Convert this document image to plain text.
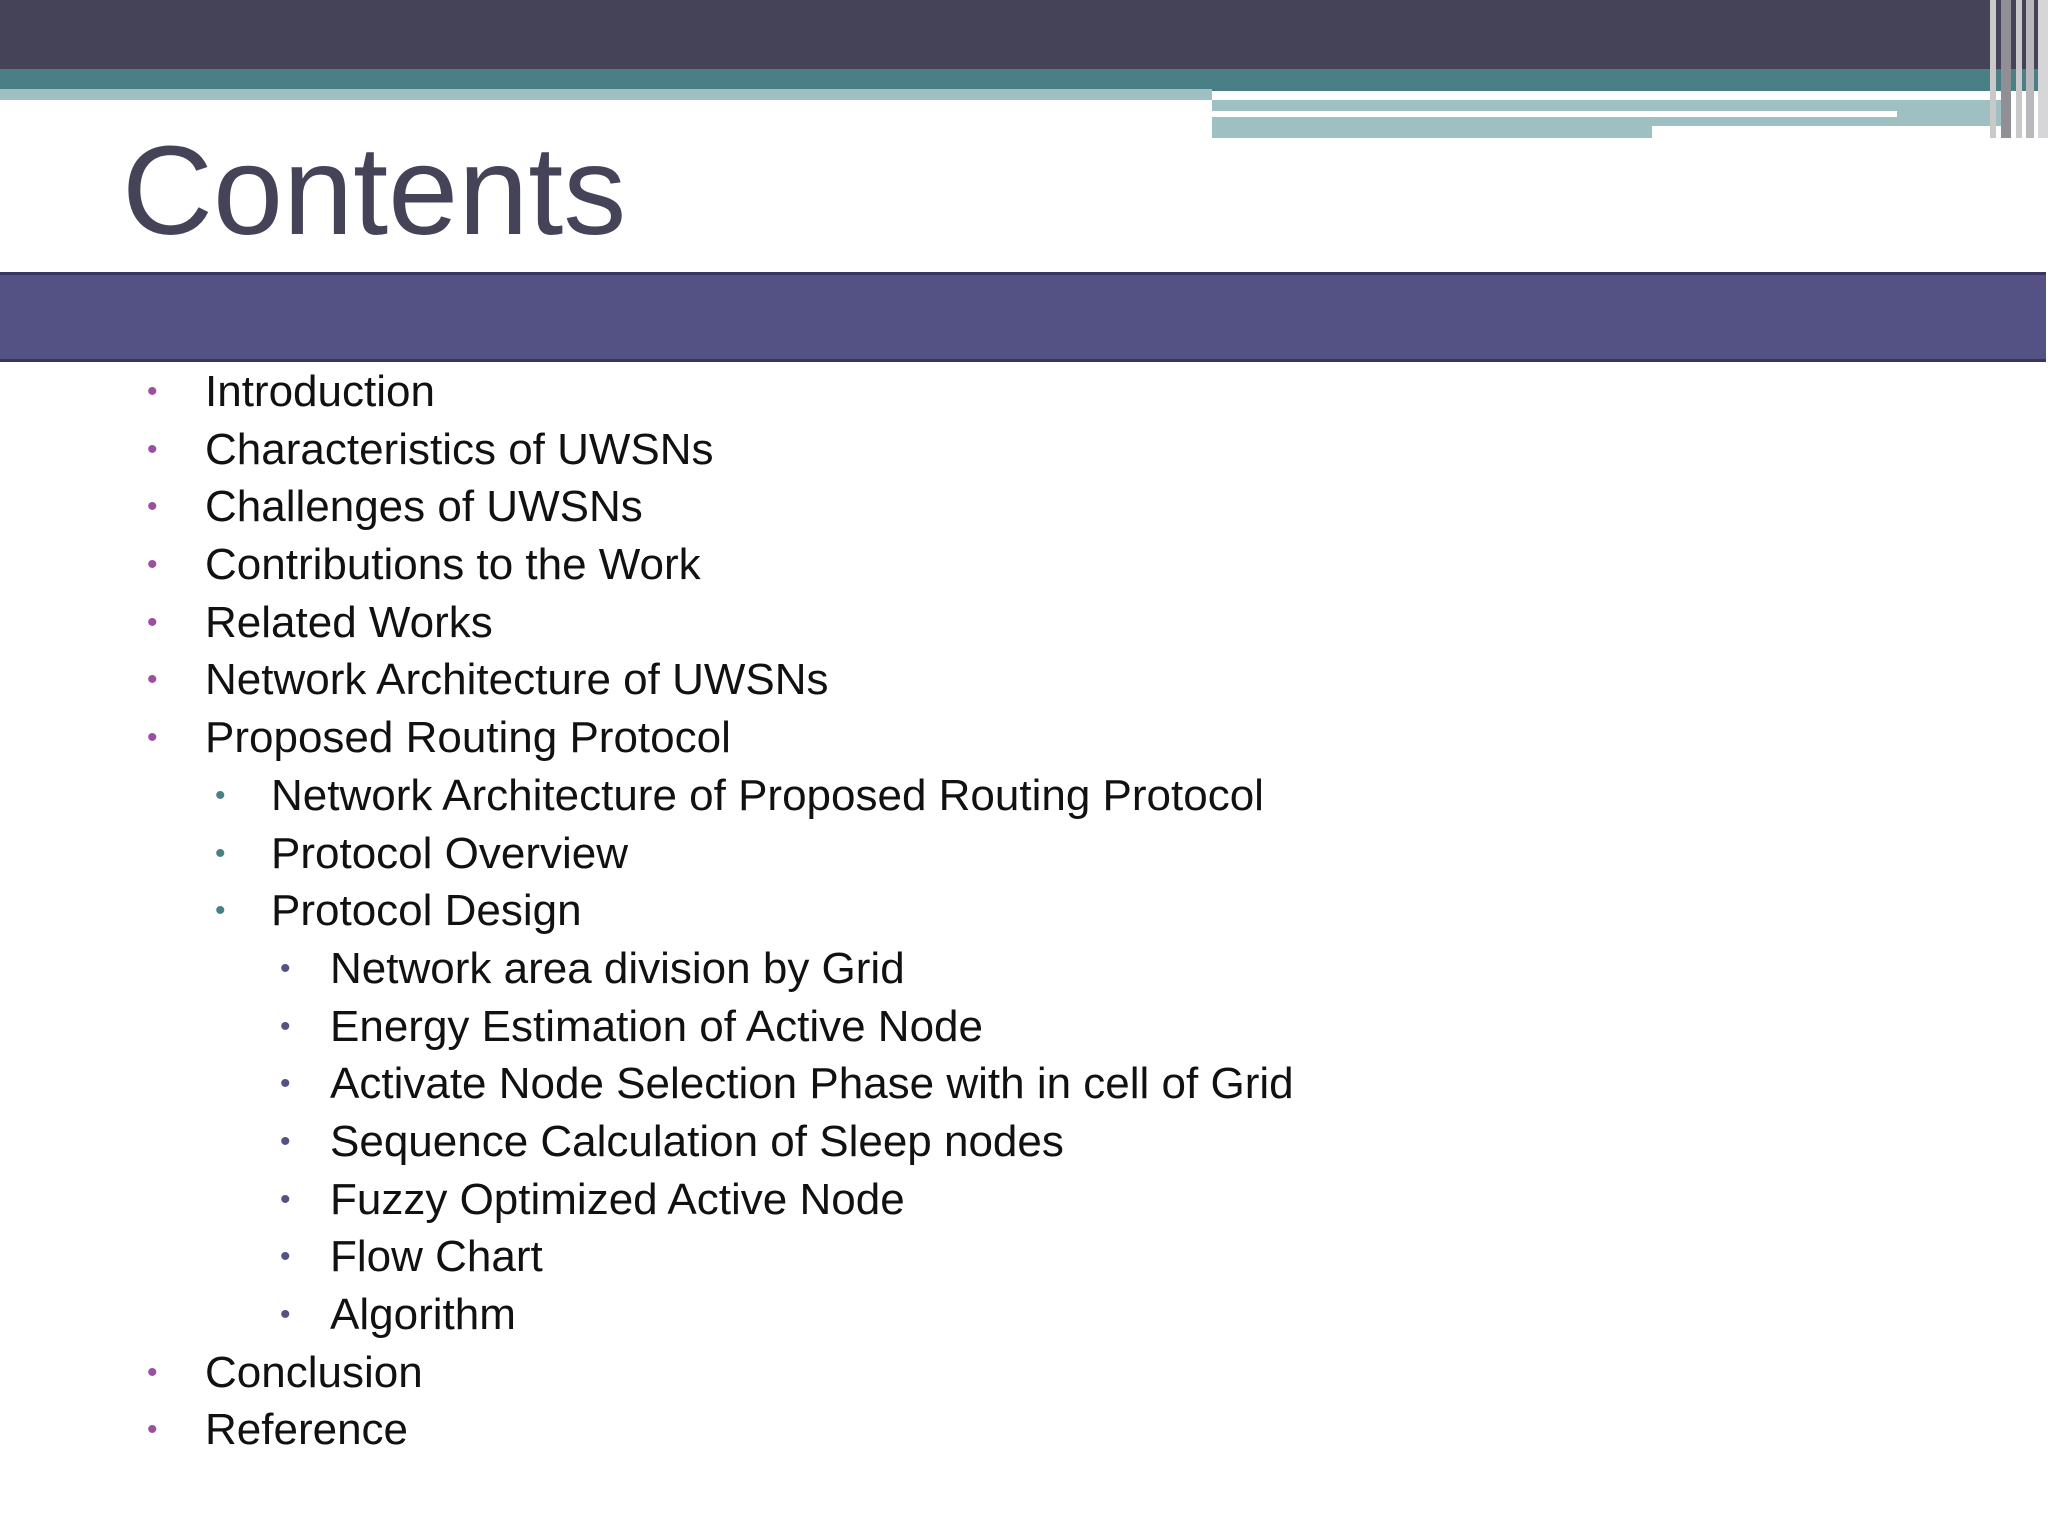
Contents
• Introduction
• Characteristics of UWSNs
• Challenges of UWSNs
• Contributions to the Work
• Related Works
• Network Architecture of UWSNs
• Proposed Routing Protocol
• Network Architecture of Proposed Routing Protocol
• Protocol Overview
• Protocol Design
• Network area division by Grid
• Energy Estimation of Active Node
• Activate Node Selection Phase with in cell of Grid
• Sequence Calculation of Sleep nodes
• Fuzzy Optimized Active Node
• Flow Chart
• Algorithm
• Conclusion
• Reference
